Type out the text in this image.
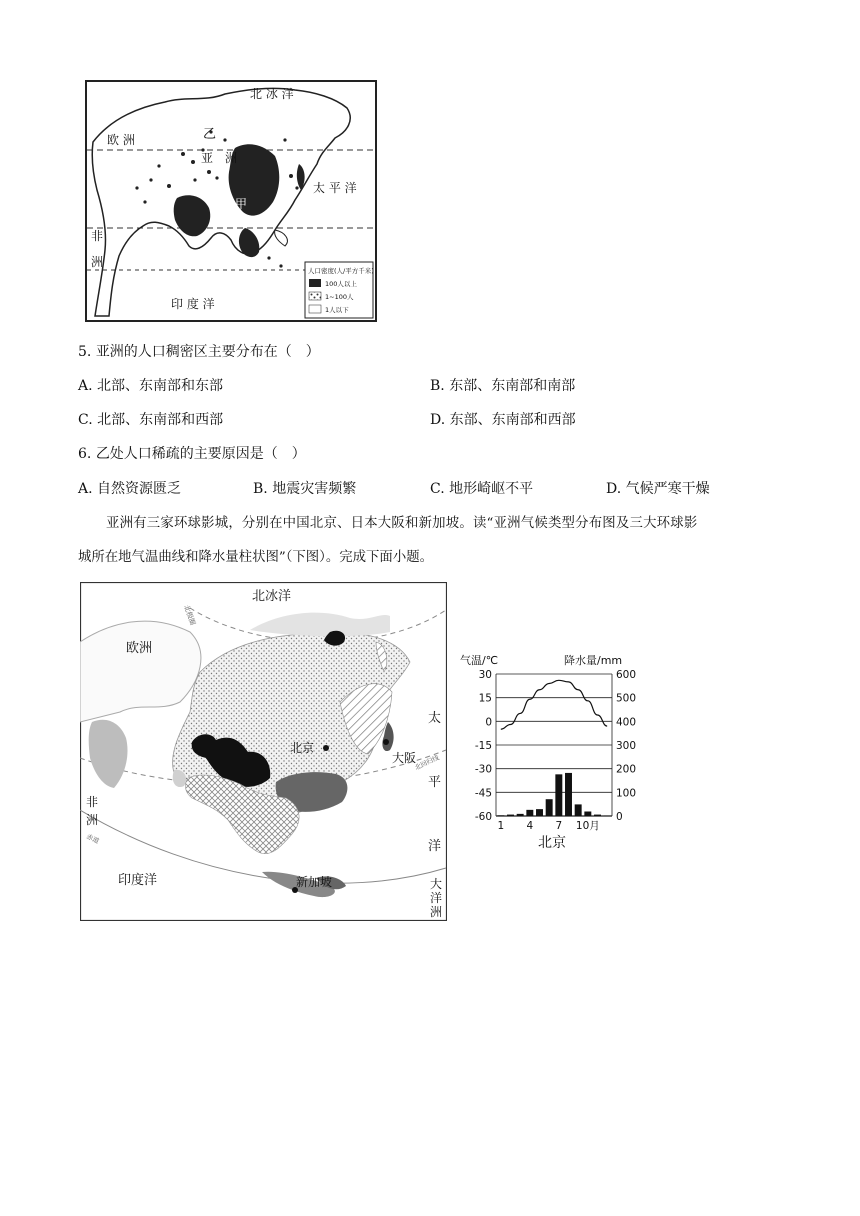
北 冰 洋
欧 洲	乙
亚 洲
甲
太 平 洋
非
洲
印 度 洋
人口密度(人/平方千米)
100人以上
1~100人
1人以下
5. 亚洲的人口稠密区主要分布在（　）
A. 北部、东南部和东部	B. 东部、东南部和南部
C. 北部、东南部和西部	D. 东部、东南部和西部
6. 乙处人口稀疏的主要原因是（　）
A. 自然资源匮乏	B. 地震灾害频繁	C. 地形崎岖不平	D. 气候严寒干燥
亚洲有三家环球影城，分别在中国北京、日本大阪和新加坡。读“亚洲气候类型分布图及三大环球影
城所在地气温曲线和降水量柱状图”（下图）。完成下面小题。
北冰洋
北极圈
欧洲
北京
大阪
北回归线
非
洲
赤道
印度洋	新加坡
太
平
洋
大
洋
洲
气温/℃	降水量/mm
30
15
0
-15
-30
-45
-60
600
500
400
300
200
100
0
1 4 7 10月
北京
